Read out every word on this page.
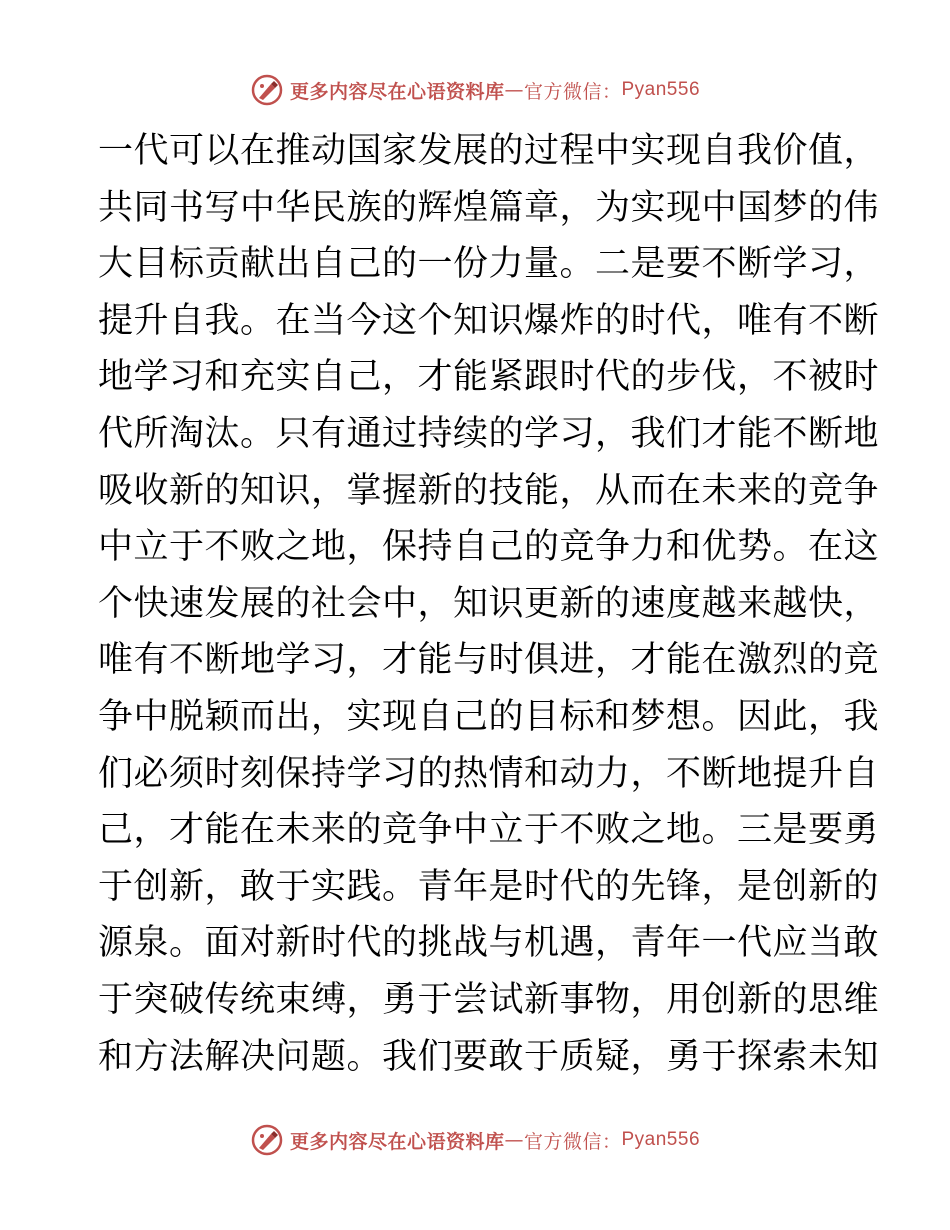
更多内容尽在心语资料库 — 官方微信： Pyan556
一代可以在推动国家发展的过程中实现自我价值，
共同书写中华民族的辉煌篇章，为实现中国梦的伟
大目标贡献出自己的一份力量。二是要不断学习，
提升自我。在当今这个知识爆炸的时代，唯有不断
地学习和充实自己，才能紧跟时代的步伐，不被时
代所淘汰。只有通过持续的学习，我们才能不断地
吸收新的知识，掌握新的技能，从而在未来的竞争
中立于不败之地，保持自己的竞争力和优势。在这
个快速发展的社会中，知识更新的速度越来越快，
唯有不断地学习，才能与时俱进，才能在激烈的竞
争中脱颖而出，实现自己的目标和梦想。因此，我
们必须时刻保持学习的热情和动力，不断地提升自
己，才能在未来的竞争中立于不败之地。三是要勇
于创新，敢于实践。青年是时代的先锋，是创新的
源泉。面对新时代的挑战与机遇，青年一代应当敢
于突破传统束缚，勇于尝试新事物，用创新的思维
和方法解决问题。我们要敢于质疑，勇于探索未知
更多内容尽在心语资料库 — 官方微信： Pyan556
